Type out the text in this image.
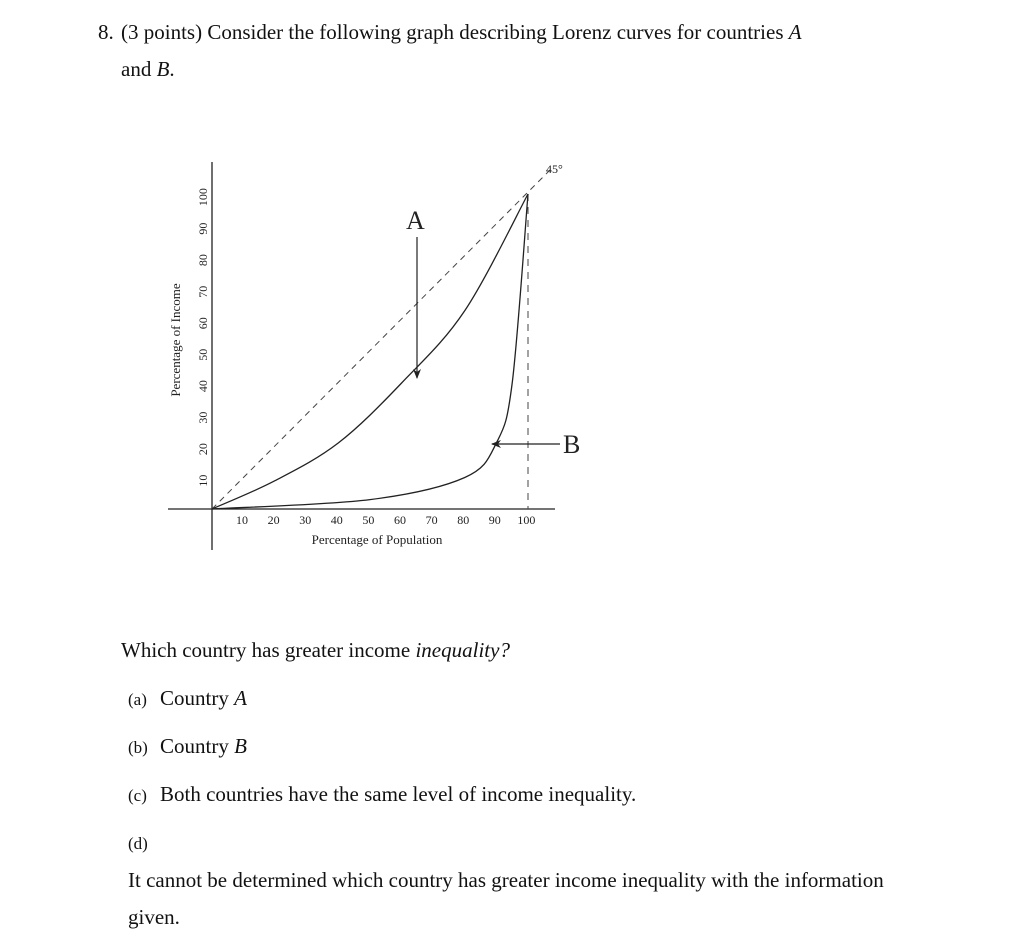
8. (3 points) Consider the following graph describing Lorenz curves for countries A
and B.
45°
A
B
10 20 30 40 50 60 70 80 90 100
10
20
30
40
50
60
70
80
90
100
Percentage of Population
Percentage of Income
Which country has greater income inequality?
(a) Country A
(b) Country B
(c) Both countries have the same level of income inequality.
(d)It cannot be determined which country has greater income inequality with the information given.
